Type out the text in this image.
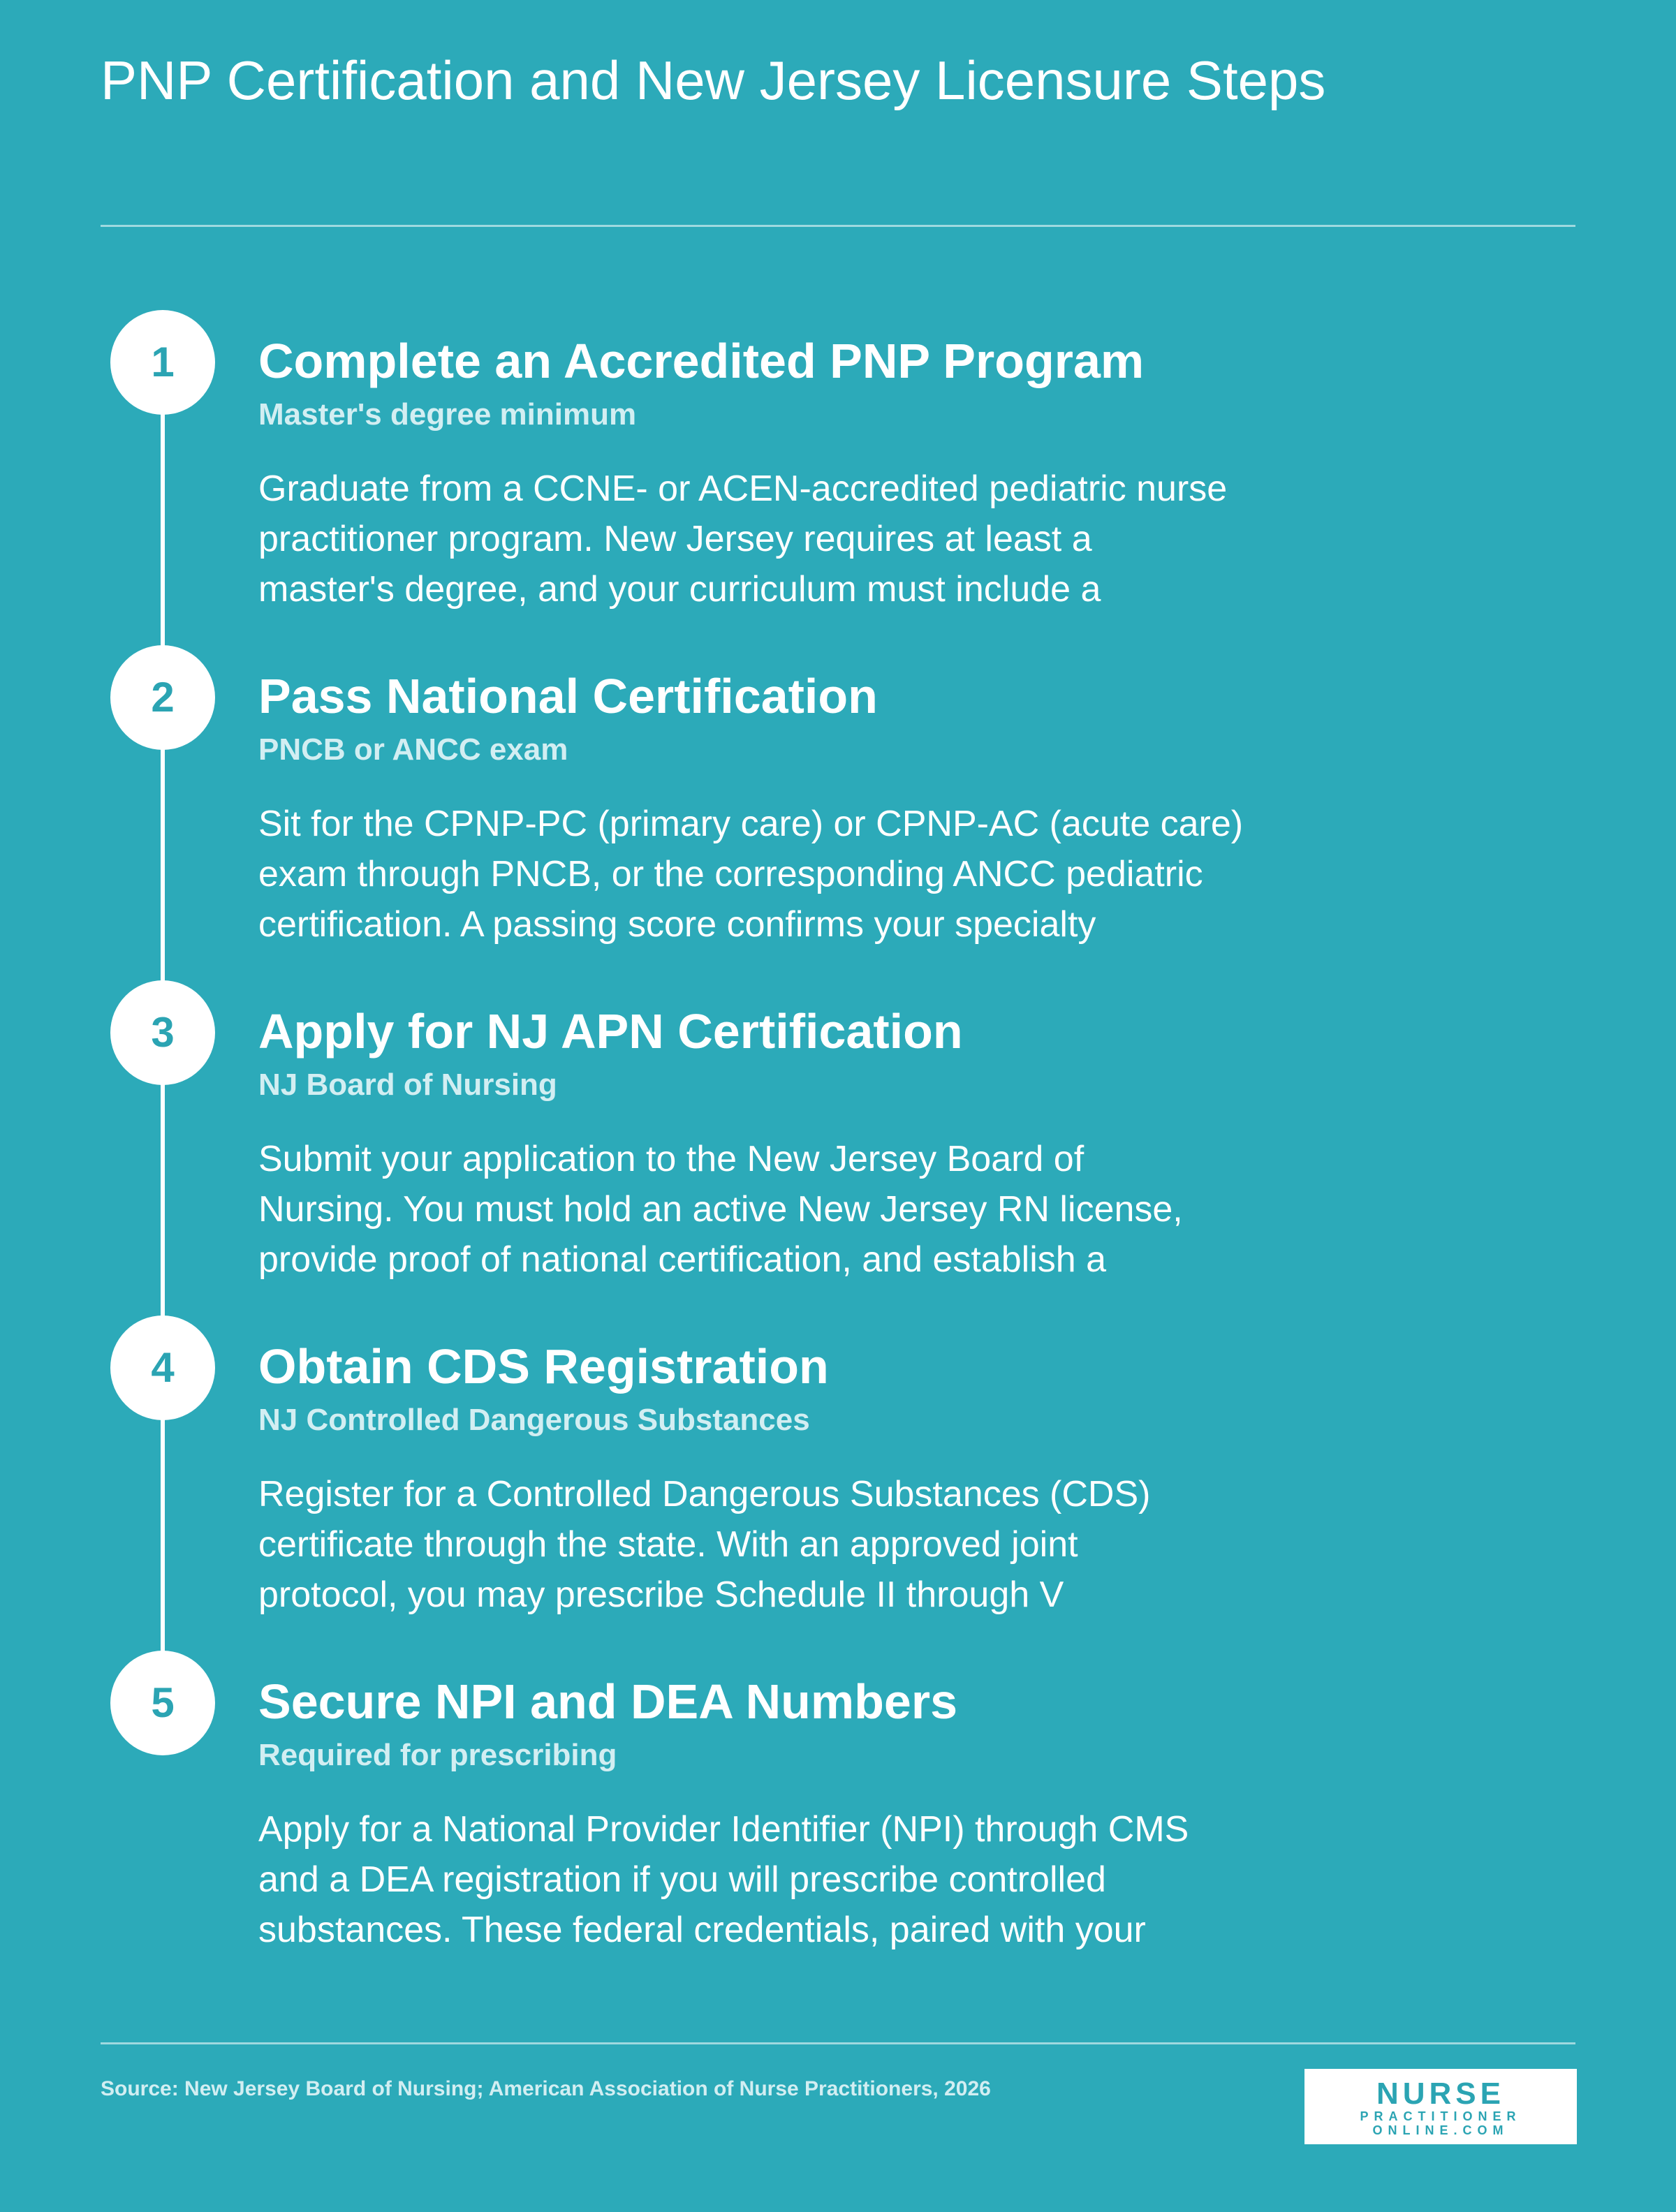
PNP Certification and New Jersey Licensure Steps
1	Complete an Accredited PNP Program
Master's degree minimum
Graduate from a CCNE- or ACEN-accredited pediatric nurse
practitioner program. New Jersey requires at least a
master's degree, and your curriculum must include a
2	Pass National Certification
PNCB or ANCC exam
Sit for the CPNP-PC (primary care) or CPNP-AC (acute care)
exam through PNCB, or the corresponding ANCC pediatric
certification. A passing score confirms your specialty
3	Apply for NJ APN Certification
NJ Board of Nursing
Submit your application to the New Jersey Board of
Nursing. You must hold an active New Jersey RN license,
provide proof of national certification, and establish a
4	Obtain CDS Registration
NJ Controlled Dangerous Substances
Register for a Controlled Dangerous Substances (CDS)
certificate through the state. With an approved joint
protocol, you may prescribe Schedule II through V
5	Secure NPI and DEA Numbers
Required for prescribing
Apply for a National Provider Identifier (NPI) through CMS
and a DEA registration if you will prescribe controlled
substances. These federal credentials, paired with your
Source: New Jersey Board of Nursing; American Association of Nurse Practitioners, 2026	NURSE
PRACTITIONER
ONLINE.COM
